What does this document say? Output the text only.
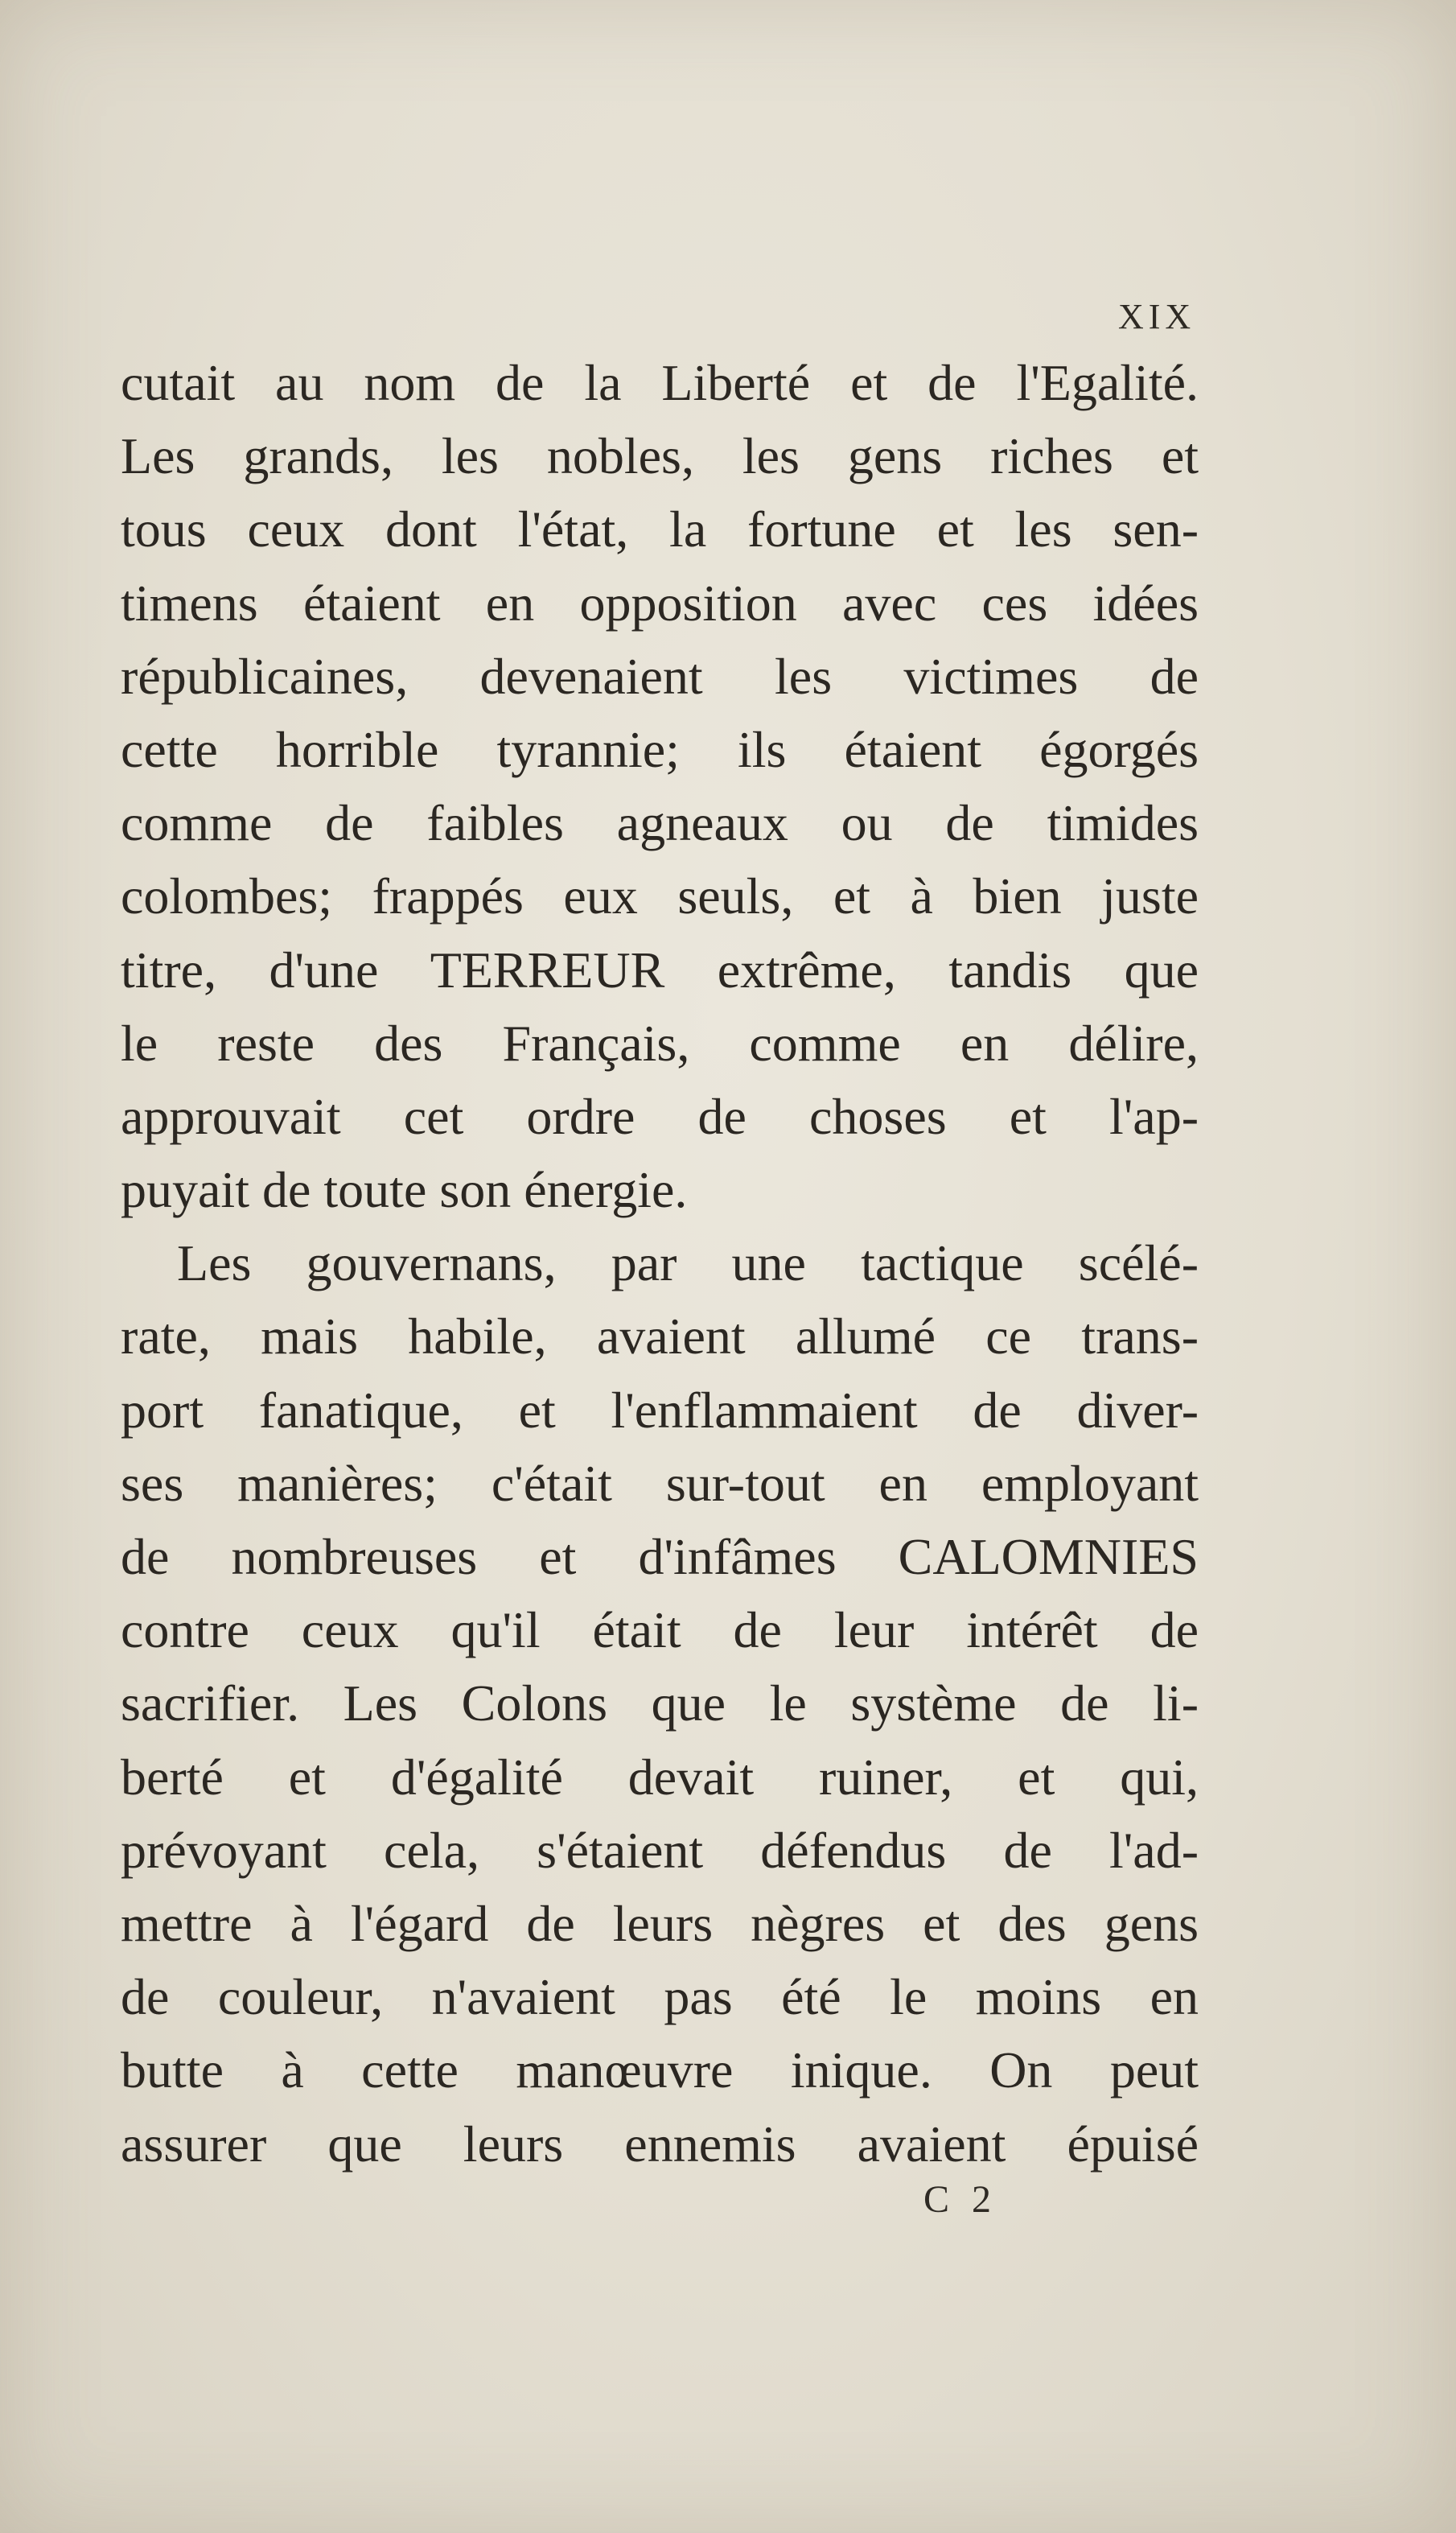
XIX
cutait au nom de la Liberté et de l'Egalité.
Les grands, les nobles, les gens riches et
tous ceux dont l'état, la fortune et les sen-
timens étaient en opposition avec ces idées
républicaines, devenaient les victimes de
cette horrible tyrannie; ils étaient égorgés
comme de faibles agneaux ou de timides
colombes; frappés eux seuls, et à bien juste
titre, d'une TERREUR extrême, tandis que
le reste des Français, comme en délire,
approuvait cet ordre de choses et l'ap-
puyait de toute son énergie.
Les gouvernans, par une tactique scélé-
rate, mais habile, avaient allumé ce trans-
port fanatique, et l'enflammaient de diver-
ses manières; c'était sur-tout en employant
de nombreuses et d'infâmes CALOMNIES
contre ceux qu'il était de leur intérêt de
sacrifier. Les Colons que le système de li-
berté et d'égalité devait ruiner, et qui,
prévoyant cela, s'étaient défendus de l'ad-
mettre à l'égard de leurs nègres et des gens
de couleur, n'avaient pas été le moins en
butte à cette manœuvre inique. On peut
assurer que leurs ennemis avaient épuisé
C 2
